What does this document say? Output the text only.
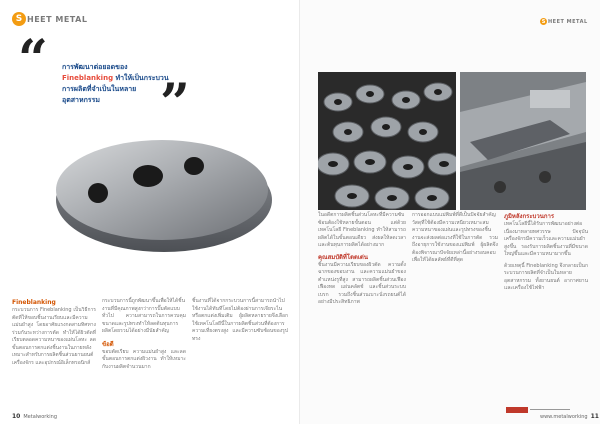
S HEET METAL
“ การพัฒนาต่อยอดของ Fineblanking ทำให้เป็นกระบวนการผลิตที่จำเป็นในหลาย
อุตสาหกรรม	”
Fineblanking
กระบวนการ Fineblanking เป็นวิธีการตัดที่ให้ขอบชิ้นงานเรียบและมีความแม่นยำสูง โดยอาศัยแรงกดสามทิศทางร่วมกันระหว่างการตัด ทำให้ได้ผิวตัดที่เรียบตลอดความหนาของแผ่นโลหะ ลดขั้นตอนการตกแต่งชิ้นงานในภายหลัง เหมาะสำหรับการผลิตชิ้นส่วนยานยนต์ เครื่องจักร และอุปกรณ์อิเล็กทรอนิกส์
กระบวนการนี้ถูกพัฒนาขึ้นเพื่อให้ได้ชิ้นงานที่มีคุณภาพสูงกว่าการปั๊มตัดแบบทั่วไป ความสามารถในการควบคุมขนาดและรูปทรงทำให้ลดต้นทุนการผลิตโดยรวมได้อย่างมีนัยสำคัญ
ข้อดี
ขอบตัดเรียบ ความแม่นยำสูง และลดขั้นตอนการตกแต่งผิวงาน ทำให้เหมาะกับงานผลิตจำนวนมาก
ชิ้นงานที่ได้จากกระบวนการนี้สามารถนำไปใช้งานได้ทันทีโดยไม่ต้องผ่านการเจียระไนหรือตกแต่งเพิ่มเติม ผู้ผลิตหลายรายจึงเลือกใช้เทคโนโลยีนี้ในการผลิตชิ้นส่วนที่ต้องการความเที่ยงตรงสูง และมีความซับซ้อนของรูปทรง
10 Metalworking
S HEET METAL
ในอดีตการผลิตชิ้นส่วนโลหะที่มีความซับซ้อนต้องใช้หลายขั้นตอน แต่ด้วยเทคโนโลยี Fineblanking ทำให้สามารถผลิตได้ในขั้นตอนเดียว ส่งผลให้ลดเวลาและต้นทุนการผลิตได้อย่างมาก
คุณสมบัติที่โดดเด่น
ชิ้นงานมีความเรียบของผิวตัด ความตั้งฉากของขอบงาน และความแม่นยำของตำแหน่งรูที่สูง สามารถผลิตชิ้นส่วนเฟือง เฟืองทด แผ่นคลัตช์ และชิ้นส่วนระบบเบรก รวมถึงชิ้นส่วนเบาะนั่งรถยนต์ได้อย่างมีประสิทธิภาพ
การออกแบบแม่พิมพ์ที่ดีเป็นปัจจัยสำคัญ วัสดุที่ใช้ต้องมีความเหนียวเหมาะสม ความหนาของแผ่นและรูปทรงของชิ้นงานจะส่งผลต่อแรงที่ใช้ในการตัด รวมถึงอายุการใช้งานของแม่พิมพ์ ผู้ผลิตจึงต้องพิจารณาปัจจัยเหล่านี้อย่างรอบคอบเพื่อให้ได้ผลลัพธ์ที่ดีที่สุด
ภูมิหลังกระบวนการ
เทคโนโลยีนี้ได้รับการพัฒนาอย่างต่อเนื่องมาหลายทศวรรษ ปัจจุบันเครื่องจักรมีความเร็วและความแม่นยำสูงขึ้น รองรับการผลิตชิ้นงานที่มีขนาดใหญ่ขึ้นและมีความหนามากขึ้น
ด้วยเหตุนี้ Fineblanking จึงกลายเป็นกระบวนการผลิตที่จำเป็นในหลายอุตสาหกรรม ทั้งยานยนต์ อากาศยาน และเครื่องใช้ไฟฟ้า
www.metalworking 11
